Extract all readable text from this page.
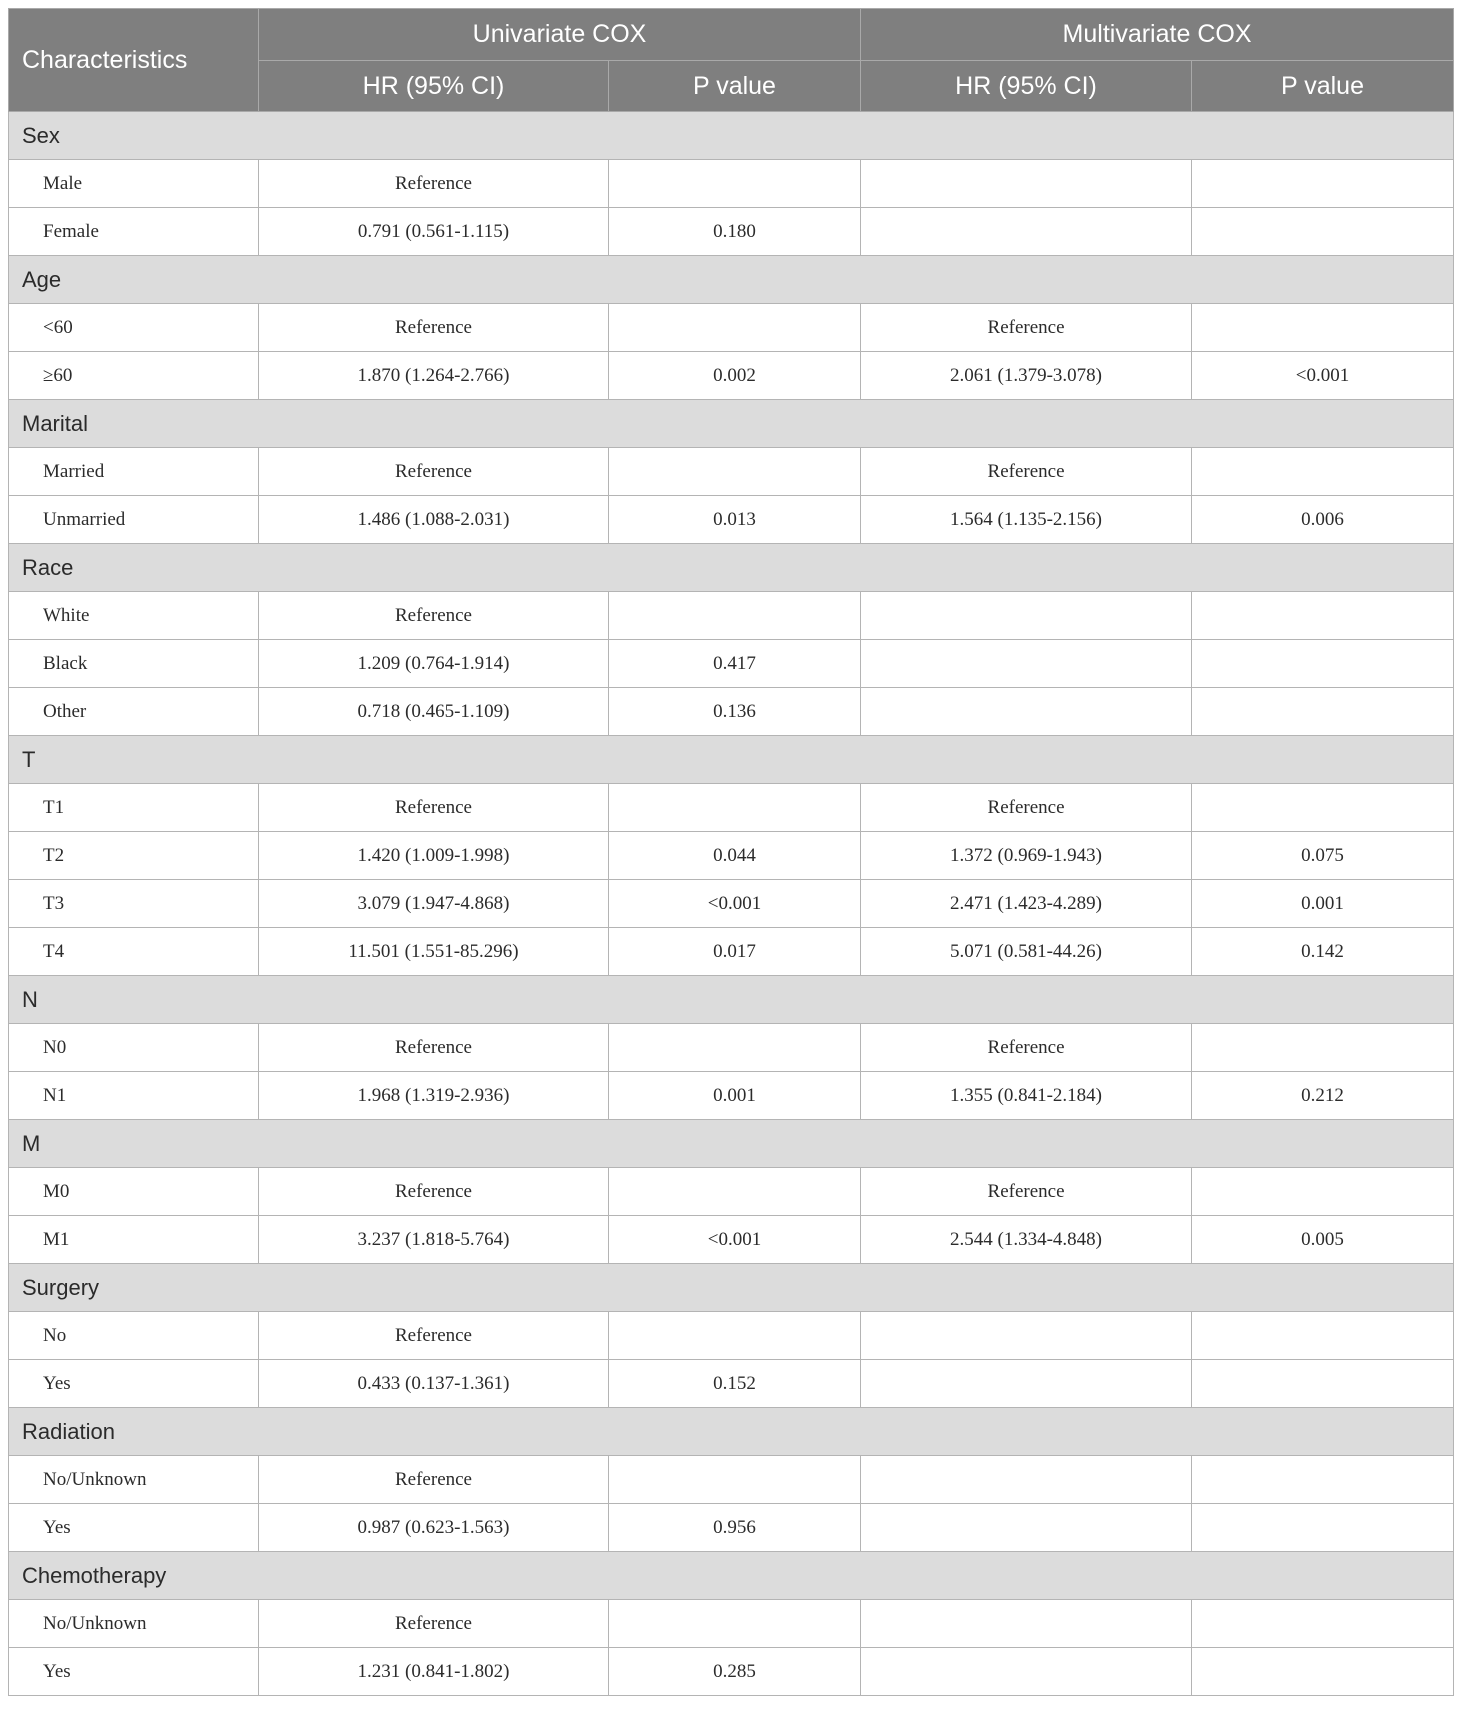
Characteristics	Univariate COX		Multivariate COX	
	HR (95% CI)	P value	HR (95% CI)	P value
Sex				
Male	Reference			
Female	0.791 (0.561-1.115)	0.180		
Age				
<60	Reference		Reference	
≥60	1.870 (1.264-2.766)	0.002	2.061 (1.379-3.078)	<0.001
Marital				
Married	Reference		Reference	
Unmarried	1.486 (1.088-2.031)	0.013	1.564 (1.135-2.156)	0.006
Race				
White	Reference			
Black	1.209 (0.764-1.914)	0.417		
Other	0.718 (0.465-1.109)	0.136		
T				
T1	Reference		Reference	
T2	1.420 (1.009-1.998)	0.044	1.372 (0.969-1.943)	0.075
T3	3.079 (1.947-4.868)	<0.001	2.471 (1.423-4.289)	0.001
T4	11.501 (1.551-85.296)	0.017	5.071 (0.581-44.26)	0.142
N				
N0	Reference		Reference	
N1	1.968 (1.319-2.936)	0.001	1.355 (0.841-2.184)	0.212
M				
M0	Reference		Reference	
M1	3.237 (1.818-5.764)	<0.001	2.544 (1.334-4.848)	0.005
Surgery				
No	Reference			
Yes	0.433 (0.137-1.361)	0.152		
Radiation				
No/Unknown	Reference			
Yes	0.987 (0.623-1.563)	0.956		
Chemotherapy				
No/Unknown	Reference			
Yes	1.231 (0.841-1.802)	0.285		
